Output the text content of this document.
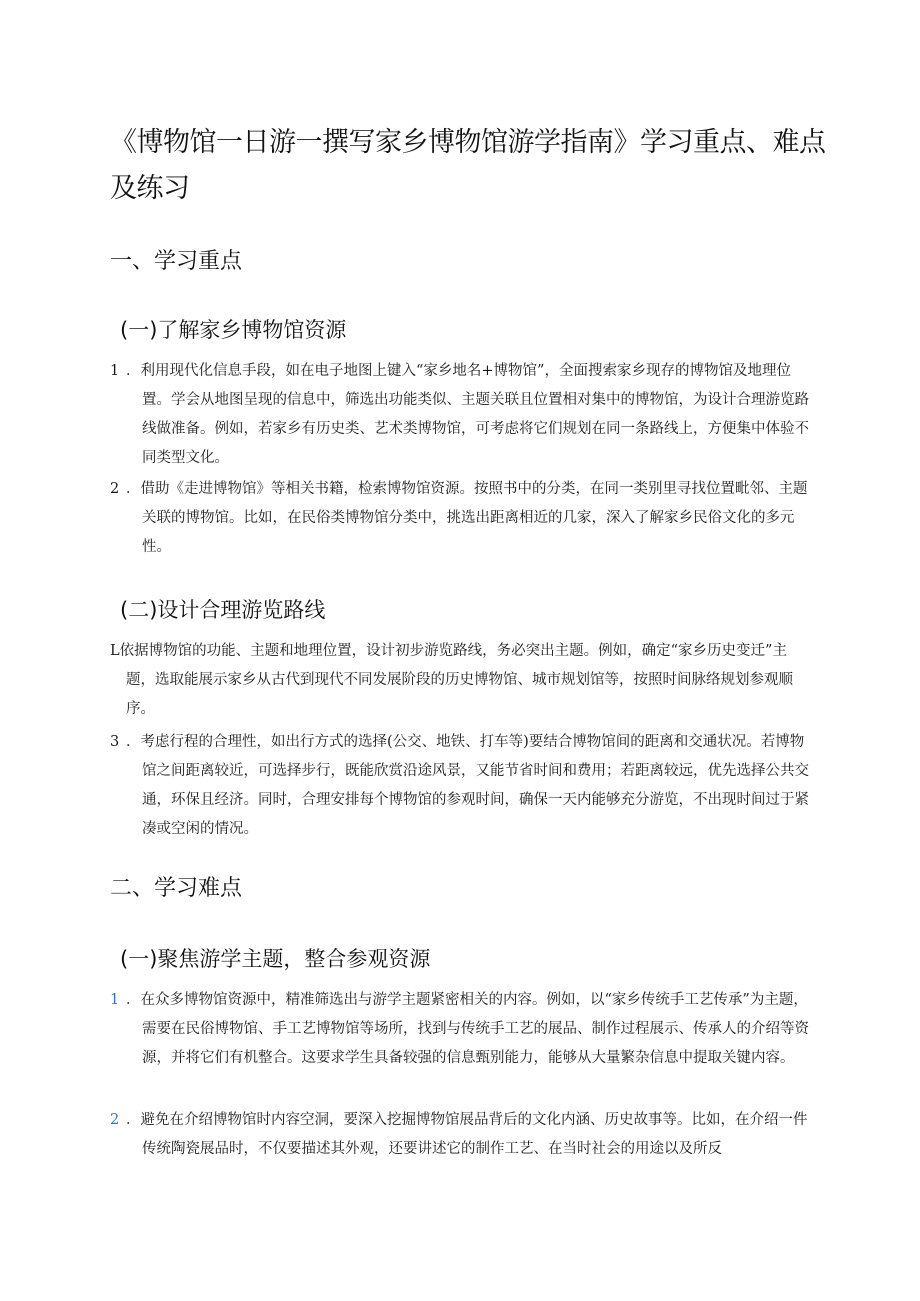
《博物馆一日游一撰写家乡博物馆游学指南》学习重点、难点及练习
一、学习重点
(一)了解家乡博物馆资源
1 ．利用现代化信息手段，如在电子地图上键入“家乡地名+博物馆”，全面搜索家乡现存的博物馆及地理位置。学会从地图呈现的信息中，筛选出功能类似、主题关联且位置相对集中的博物馆，为设计合理游览路线做准备。例如，若家乡有历史类、艺术类博物馆，可考虑将它们规划在同一条路线上，方便集中体验不同类型文化。
2 ．借助《走进博物馆》等相关书籍，检索博物馆资源。按照书中的分类，在同一类别里寻找位置毗邻、主题关联的博物馆。比如，在民俗类博物馆分类中，挑选出距离相近的几家，深入了解家乡民俗文化的多元性。
(二)设计合理游览路线
L依据博物馆的功能、主题和地理位置，设计初步游览路线，务必突出主题。例如，确定“家乡历史变迁”主题，选取能展示家乡从古代到现代不同发展阶段的历史博物馆、城市规划馆等，按照时间脉络规划参观顺序。
3 ．考虑行程的合理性，如出行方式的选择(公交、地铁、打车等)要结合博物馆间的距离和交通状况。若博物馆之间距离较近，可选择步行，既能欣赏沿途风景，又能节省时间和费用；若距离较远，优先选择公共交通，环保且经济。同时，合理安排每个博物馆的参观时间，确保一天内能够充分游览，不出现时间过于紧凑或空闲的情况。
二、学习难点
(一)聚焦游学主题，整合参观资源
1 ．在众多博物馆资源中，精准筛选出与游学主题紧密相关的内容。例如，以“家乡传统手工艺传承”为主题，需要在民俗博物馆、手工艺博物馆等场所，找到与传统手工艺的展品、制作过程展示、传承人的介绍等资源，并将它们有机整合。这要求学生具备较强的信息甄别能力，能够从大量繁杂信息中提取关键内容。
2 ．避免在介绍博物馆时内容空洞，要深入挖掘博物馆展品背后的文化内涵、历史故事等。比如，在介绍一件传统陶瓷展品时，不仅要描述其外观，还要讲述它的制作工艺、在当时社会的用途以及所反
